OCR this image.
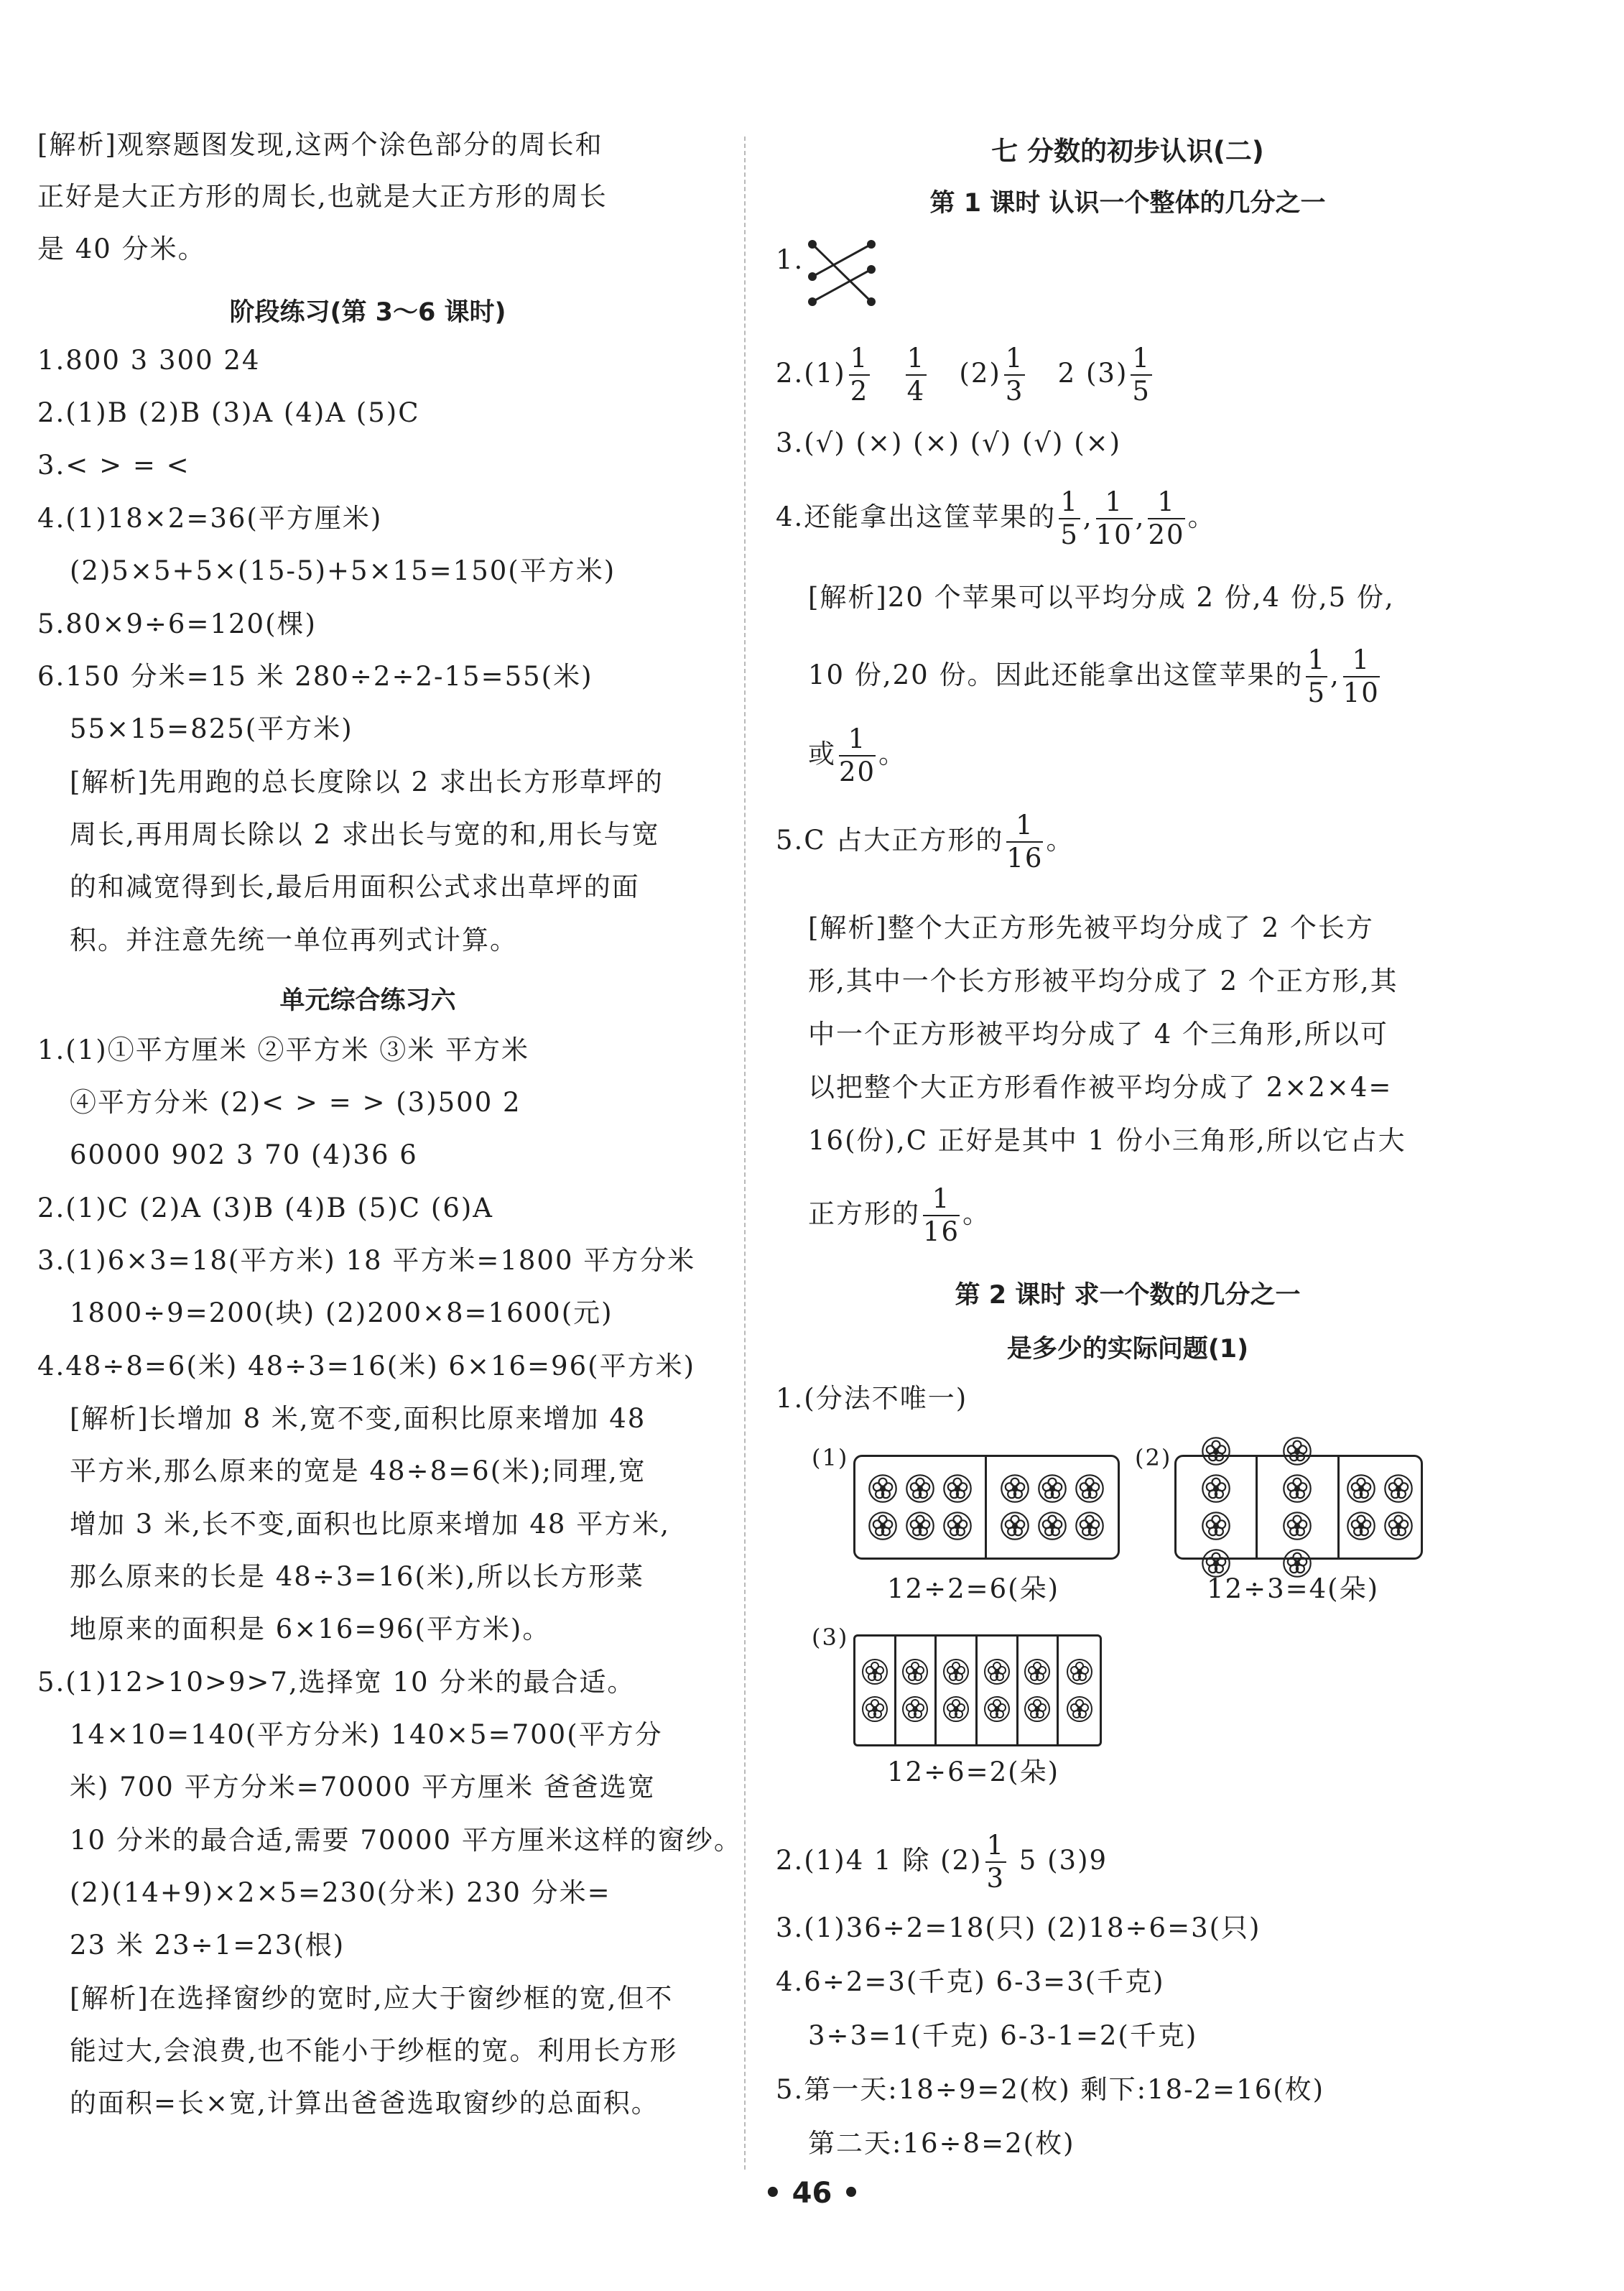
[解析]观察题图发现,这两个涂色部分的周长和
正好是大正方形的周长,也就是大正方形的周长
是 40 分米。
阶段练习(第 3～6 课时)
1.800 3 300 24
2.(1)B (2)B (3)A (4)A (5)C
3.< > = <
4.(1)18×2=36(平方厘米)
(2)5×5+5×(15-5)+5×15=150(平方米)
5.80×9÷6=120(棵)
6.150 分米=15 米 280÷2÷2-15=55(米)
55×15=825(平方米)
[解析]先用跑的总长度除以 2 求出长方形草坪的
周长,再用周长除以 2 求出长与宽的和,用长与宽
的和减宽得到长,最后用面积公式求出草坪的面
积。并注意先统一单位再列式计算。
单元综合练习六
1.(1)①平方厘米 ②平方米 ③米 平方米
④平方分米 (2)< > = > (3)500 2
60000 902 3 70 (4)36 6
2.(1)C (2)A (3)B (4)B (5)C (6)A
3.(1)6×3=18(平方米) 18 平方米=1800 平方分米
1800÷9=200(块) (2)200×8=1600(元)
4.48÷8=6(米) 48÷3=16(米) 6×16=96(平方米)
[解析]长增加 8 米,宽不变,面积比原来增加 48
平方米,那么原来的宽是 48÷8=6(米);同理,宽
增加 3 米,长不变,面积也比原来增加 48 平方米,
那么原来的长是 48÷3=16(米),所以长方形菜
地原来的面积是 6×16=96(平方米)。
5.(1)12>10>9>7,选择宽 10 分米的最合适。
14×10=140(平方分米) 140×5=700(平方分
米) 700 平方分米=70000 平方厘米 爸爸选宽
10 分米的最合适,需要 70000 平方厘米这样的窗纱。
(2)(14+9)×2×5=230(分米) 230 分米=
23 米 23÷1=23(根)
[解析]在选择窗纱的宽时,应大于窗纱框的宽,但不
能过大,会浪费,也不能小于纱框的宽。利用长方形
的面积=长×宽,计算出爸爸选取窗纱的总面积。
七 分数的初步认识(二)
第 1 课时 认识一个整体的几分之一
1.
$2.(1) \frac{1}{2}$
$\frac{1}{4} (2) \frac{1}{3} 2$ $(3) \frac{1}{5}$
3.(√) (×) (×) (√) (√) (×)
4.还能拿出这筐苹果的 $\frac{1}{5}$ , $\frac{1}{10}$ , $\frac{1}{20}$ 。
[解析]20 个苹果可以平均分成 2 份,4 份,5 份,
10 份,20 份。因此还能拿出这筐苹果的 $\frac{1}{5}$ , $\frac{1}{10}$
或 $\frac{1}{20}$ 。
5.C 占大正方形的 $\frac{1}{16}$ 。
[解析]整个大正方形先被平均分成了 2 个长方
形,其中一个长方形被平均分成了 2 个正方形,其
中一个正方形被平均分成了 4 个三角形,所以可
以把整个大正方形看作被平均分成了 2×2×4=
16(份),C 正好是其中 1 份小三角形,所以它占大
正方形的 $\frac{1}{16}$ 。
第 2 课时 求一个数的几分之一
是多少的实际问题(1)
1.(分法不唯一)
(1)
12÷2=6(朵)
(2)
12÷3=4(朵)
(3)
12÷6=2(朵)
2.(1)4 1 除 $(2) \frac{1}{3} 5$ (3)9
3.(1)36÷2=18(只) (2)18÷6=3(只)
4.6÷2=3(千克) 6-3=3(千克)
3÷3=1(千克) 6-3-1=2(千克)
5.第一天:18÷9=2(枚) 剩下:18-2=16(枚)
第二天:16÷8=2(枚)
• 46 •
